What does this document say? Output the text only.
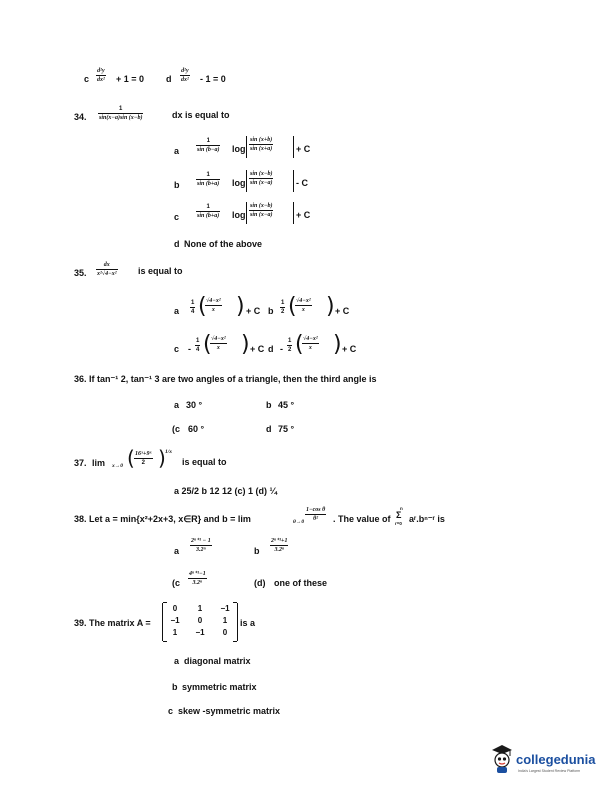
c
d²y
dx² + 1 = 0 d
d²y
dx² - 1 = 0
34.
1
sin(x−a)sin (x−b)	dx is equal to
a
1
sin (b−a) log
sin (x+b)
sin (x+a)	+ C
b
1
sin (b+a) log
sin (x−b)
sin (x−a)	- C
c
1
sin (b+a) log
sin (x−b)
sin (x−a)	+ C
d None of the above
35.
dx
x²√4−x² is equal to
a
1
4 ( √4−x²
x ) + C b
1
2 ( √4−x²
x ) + C
c -
1
4 ( √4−x²
x ) + C d -
1
2 ( √4−x²
x ) + C
36. If tan⁻¹ 2, tan⁻¹ 3 are two angles of a triangle, then the third angle is
a 30 °	b 45 °
(c 60 °	d 75 °
37. lim x→0 ( 16ˣ+9ˣ
2 ) 1/x
is equal to
a 25/2 b 12 12 (c) 1 (d) ¼
38. Let a = min{x²+2x+3, x∈R} and b = lim	θ→0
1−cos θ
θ² . The value of
n
Σ
r=0 aʳ.bⁿ⁻ʳ is
a
2ⁿ⁺¹ − 1
3.2ⁿ	b
2ⁿ⁺¹+1
3.2ⁿ
(c
4ⁿ⁺¹−1
3.2ⁿ	(d) one of these
39. The matrix A =
0	1	−1
−1	0	1
1	−1	0
is a
a diagonal matrix
b symmetric matrix
c skew -symmetric matrix
collegedunia
India's Largest Student Review Platform
